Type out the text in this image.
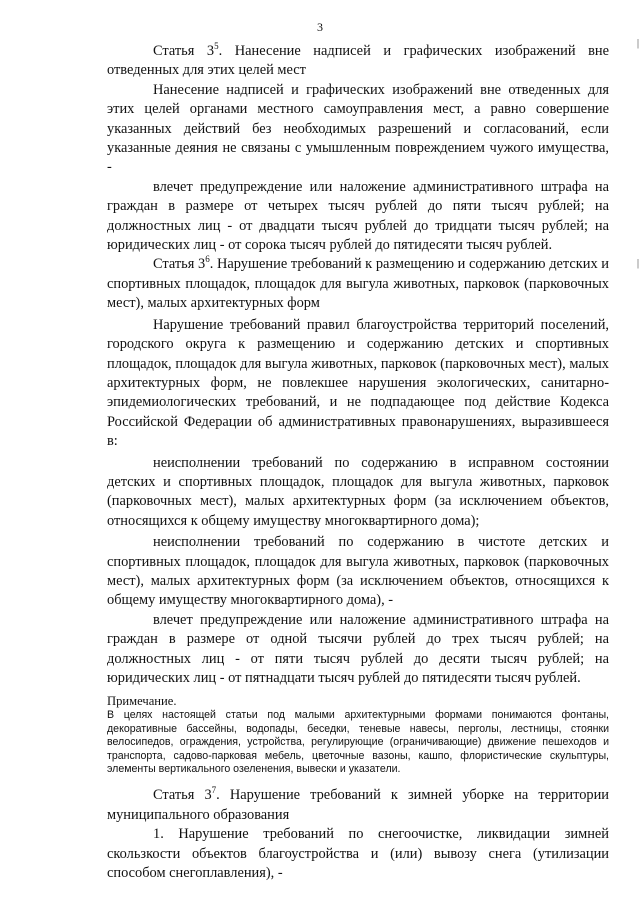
3
|
|

Статья $3^5$. Нанесение надписей и графических изображений вне отведенных для этих целей мест

Нанесение надписей и графических изображений вне отведенных для этих целей органами местного самоуправления мест, а равно совершение указанных действий без необходимых разрешений и согласований, если указанные деяния не связаны с умышленным повреждением чужого имущества, -

влечет предупреждение или наложение административного штрафа на граждан в размере от четырех тысяч рублей до пяти тысяч рублей; на должностных лиц - от двадцати тысяч рублей до тридцати тысяч рублей; на юридических лиц - от сорока тысяч рублей до пятидесяти тысяч рублей.

Статья $3^6$. Нарушение требований к размещению и содержанию детских и спортивных площадок, площадок для выгула животных, парковок (парковочных мест), малых архитектурных форм

Нарушение требований правил благоустройства территорий поселений, городского округа к размещению и содержанию детских и спортивных площадок, площадок для выгула животных, парковок (парковочных мест), малых архитектурных форм, не повлекшее нарушения экологических, санитарно-эпидемиологических требований, и не подпадающее под действие Кодекса Российской Федерации об административных правонарушениях, выразившееся в:

неисполнении требований по содержанию в исправном состоянии детских и спортивных площадок, площадок для выгула животных, парковок (парковочных мест), малых архитектурных форм (за исключением объектов, относящихся к общему имуществу многоквартирного дома);

неисполнении требований по содержанию в чистоте детских и спортивных площадок, площадок для выгула животных, парковок (парковочных мест), малых архитектурных форм (за исключением объектов, относящихся к общему имуществу многоквартирного дома), -

влечет предупреждение или наложение административного штрафа на граждан в размере от одной тысячи рублей до трех тысяч рублей; на должностных лиц - от пяти тысяч рублей до десяти тысяч рублей; на юридических лиц - от пятнадцати тысяч рублей до пятидесяти тысяч рублей.

Примечание.

В целях настоящей статьи под малыми архитектурными формами понимаются фонтаны, декоративные бассейны, водопады, беседки, теневые навесы, перголы, лестницы, стоянки велосипедов, ограждения, устройства, регулирующие (ограничивающие) движение пешеходов и транспорта, садово-парковая мебель, цветочные вазоны, кашпо, флористические скульптуры, элементы вертикального озеленения, вывески и указатели.

Статья $3^7$. Нарушение требований к зимней уборке на территории муниципального образования

1. Нарушение требований по снегоочистке, ликвидации зимней скользкости объектов благоустройства и (или) вывозу снега (утилизации способом снегоплавления), -
